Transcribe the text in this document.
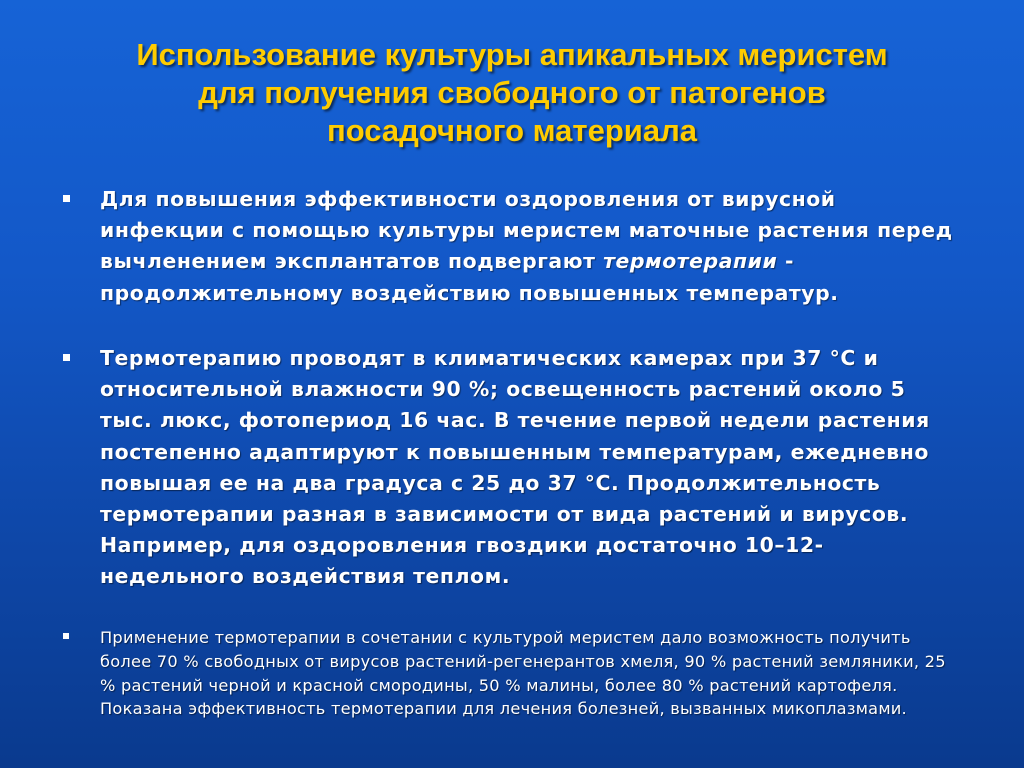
Использование культуры апикальных меристем
для получения свободного от патогенов
посадочного материала

Для повышения эффективности оздоровления от вирусной инфекции с помощью культуры меристем маточные растения перед вычленением эксплантатов подвергают термотерапии - продолжительному воздействию повышенных температур.

Термотерапию проводят в климатических камерах при 37 °С и относительной влажности 90 %; освещенность растений около 5 тыс. люкс, фотопериод 16 час. В течение первой недели растения постепенно адаптируют к повышенным температурам, ежедневно повышая ее на два градуса с 25 до 37 °С. Продолжительность термотерапии разная в зависимости от вида растений и вирусов. Например, для оздоровления гвоздики достаточно 10–12-недельного воздействия теплом.

Применение термотерапии в сочетании с культурой меристем дало возможность получить более 70 % свободных от вирусов растений-регенерантов хмеля, 90 % растений земляники, 25 % растений черной и красной смородины, 50 % малины, более 80 % растений картофеля. Показана эффективность термотерапии для лечения болезней, вызванных микоплазмами.
